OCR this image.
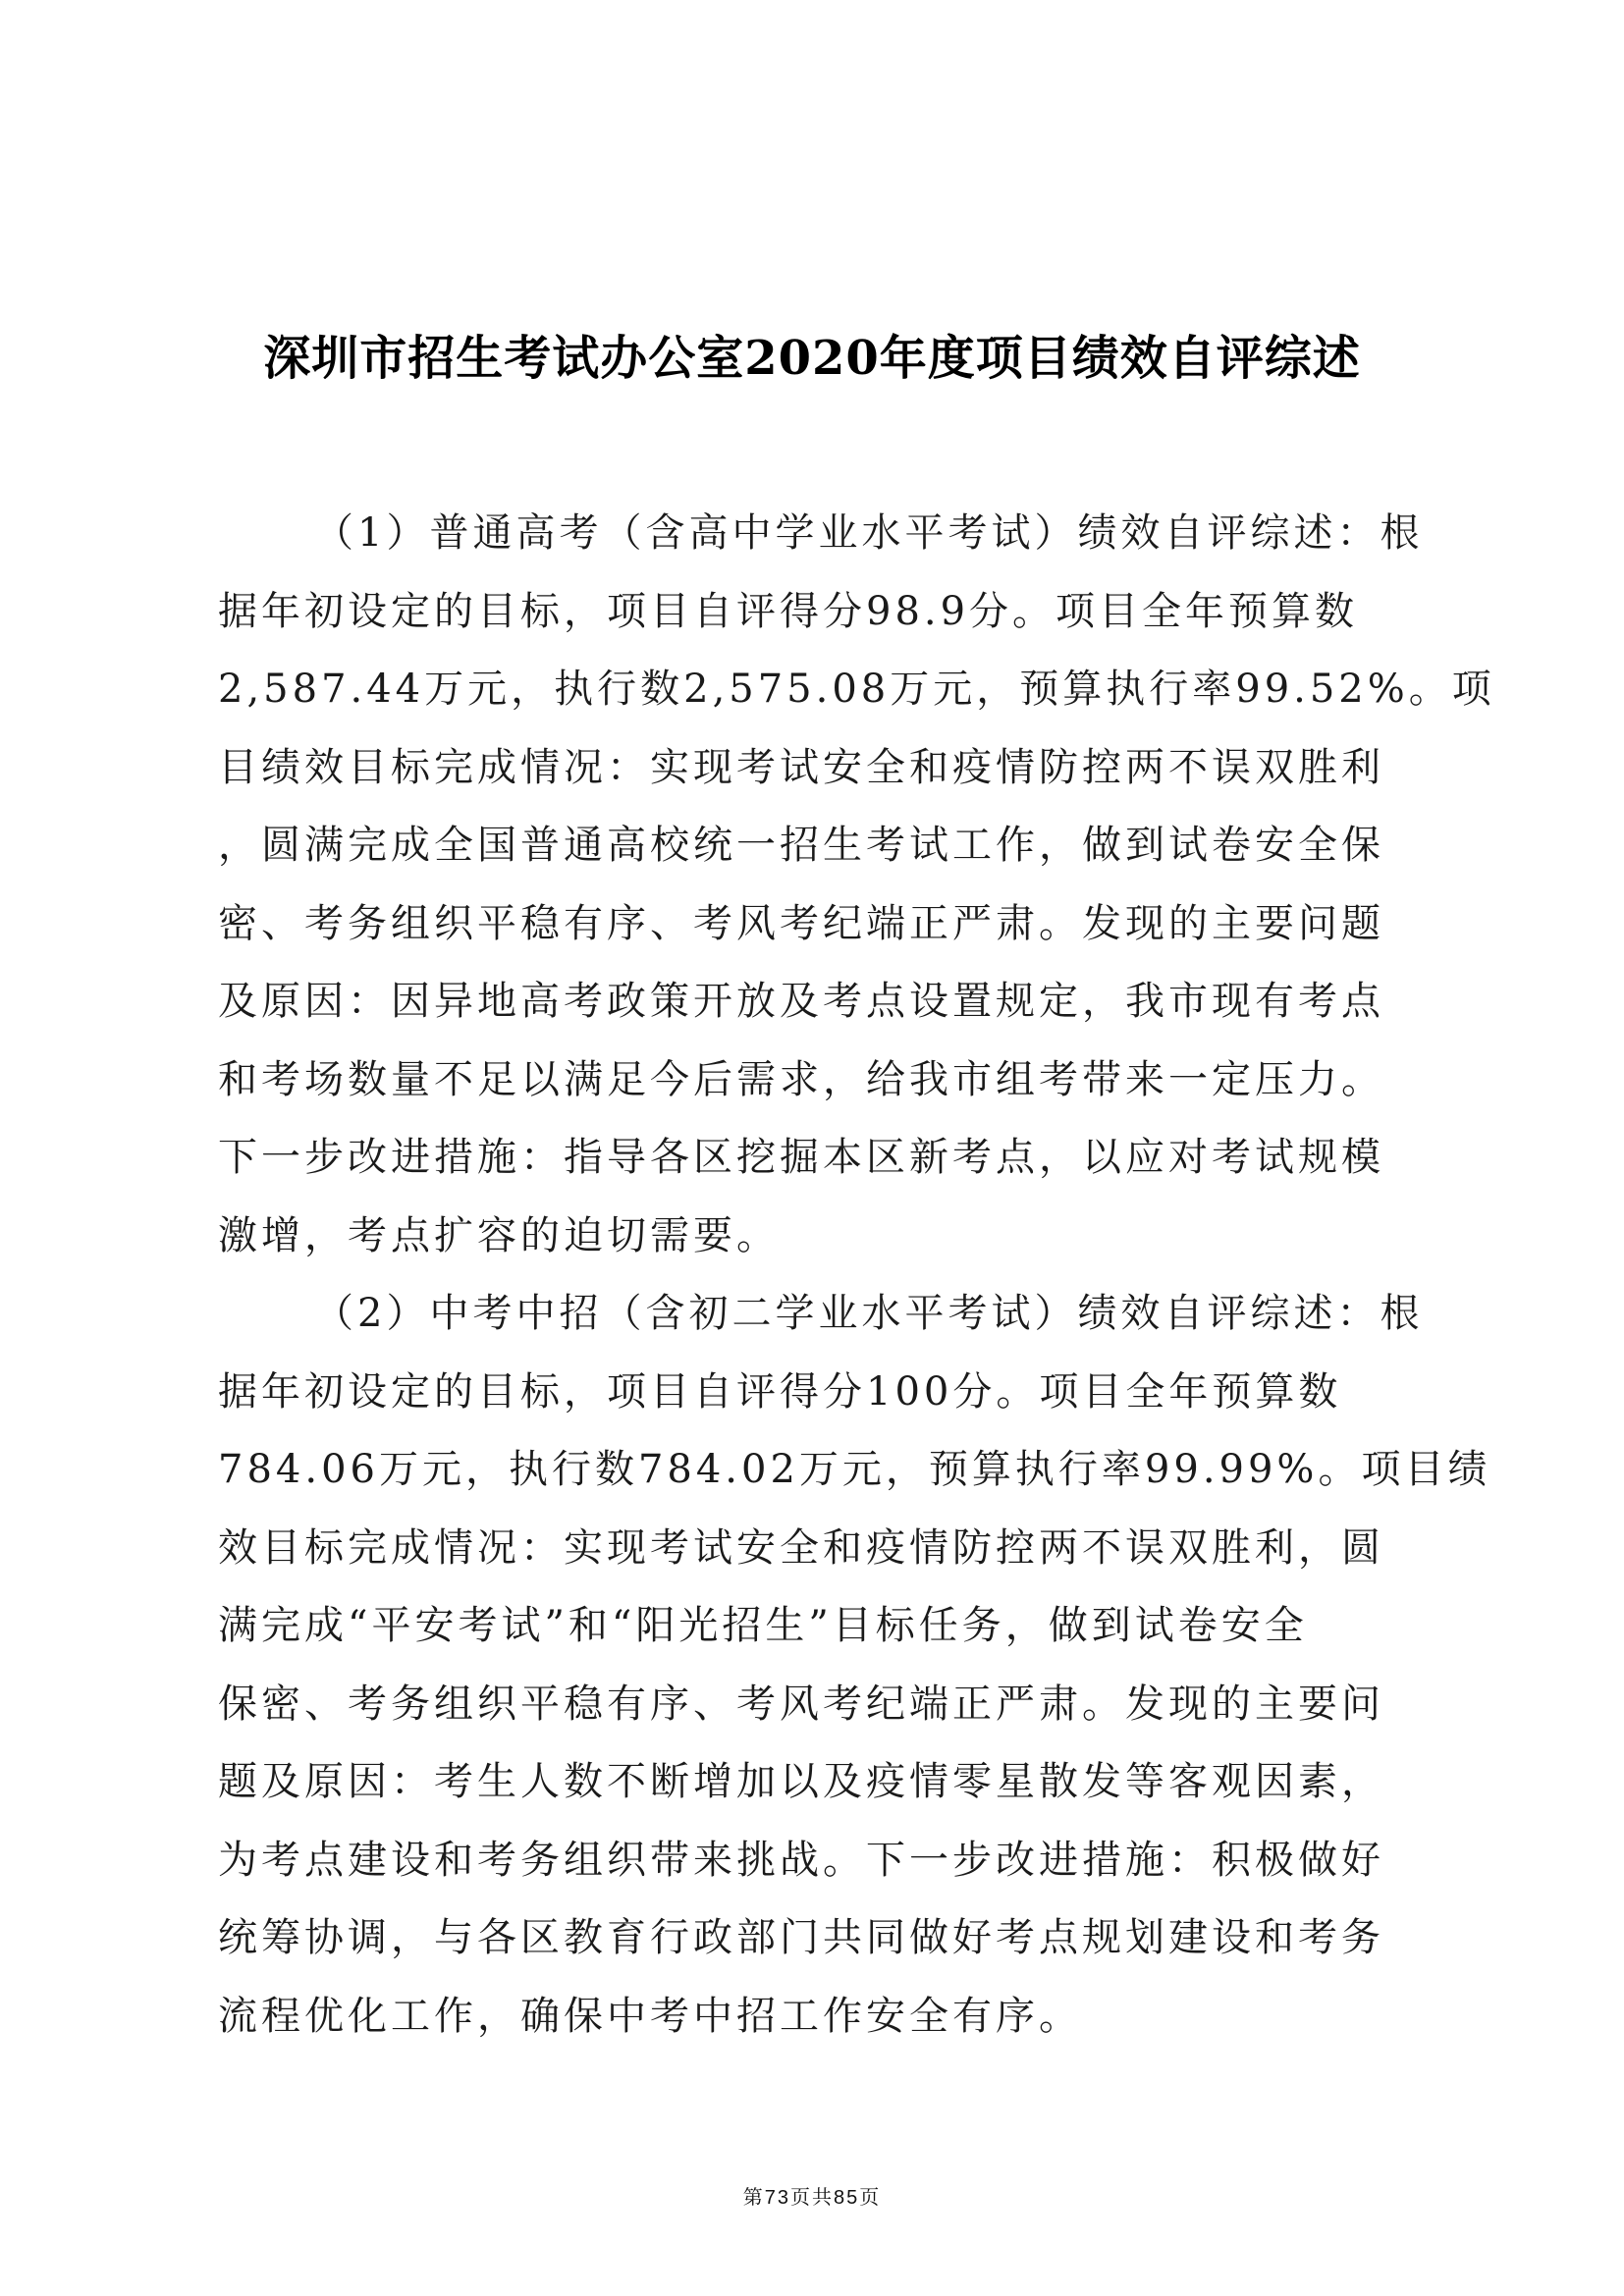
深圳市招生考试办公室2020年度项目绩效自评综述
（1）普通高考（含高中学业水平考试）绩效自评综述：根
据年初设定的目标，项目自评得分98.9分。项目全年预算数
2,587.44万元，执行数2,575.08万元，预算执行率99.52%。项
目绩效目标完成情况：实现考试安全和疫情防控两不误双胜利
，圆满完成全国普通高校统一招生考试工作，做到试卷安全保
密、考务组织平稳有序、考风考纪端正严肃。发现的主要问题
及原因：因异地高考政策开放及考点设置规定，我市现有考点
和考场数量不足以满足今后需求，给我市组考带来一定压力。
下一步改进措施：指导各区挖掘本区新考点，以应对考试规模
激增，考点扩容的迫切需要。
（2）中考中招（含初二学业水平考试）绩效自评综述：根
据年初设定的目标，项目自评得分100分。项目全年预算数
784.06万元，执行数784.02万元，预算执行率99.99%。项目绩
效目标完成情况：实现考试安全和疫情防控两不误双胜利，圆
满完成“平安考试”和“阳光招生”目标任务，做到试卷安全
保密、考务组织平稳有序、考风考纪端正严肃。发现的主要问
题及原因：考生人数不断增加以及疫情零星散发等客观因素，
为考点建设和考务组织带来挑战。下一步改进措施：积极做好
统筹协调，与各区教育行政部门共同做好考点规划建设和考务
流程优化工作，确保中考中招工作安全有序。
第73页共85页
